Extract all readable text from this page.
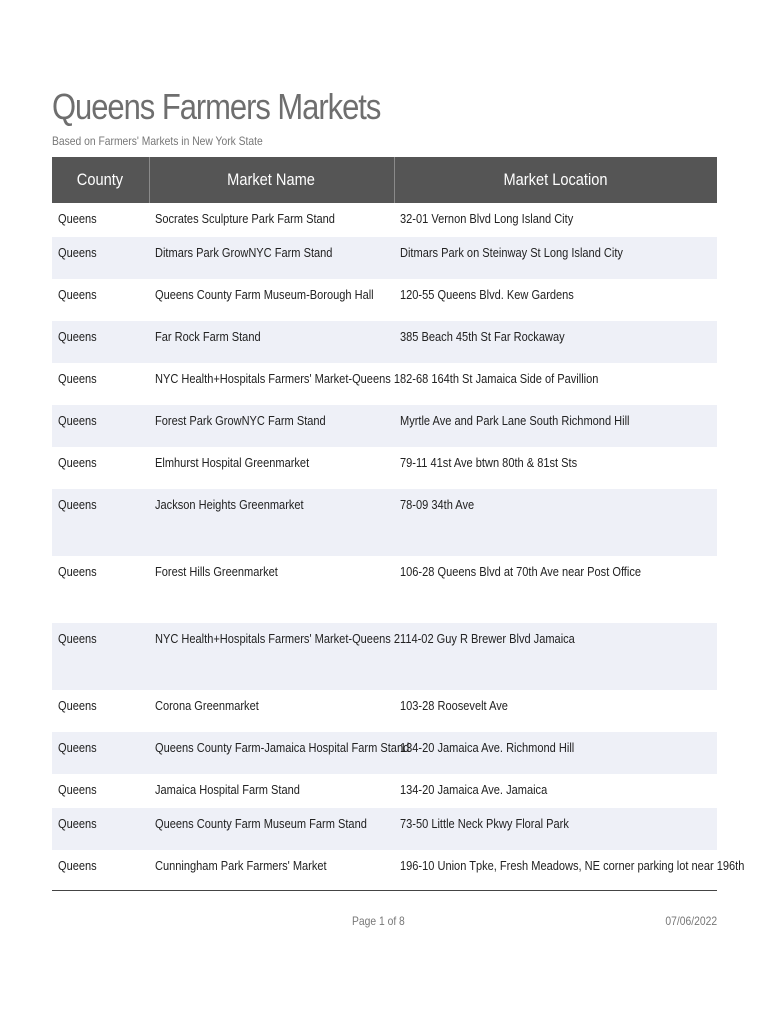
Queens Farmers Markets
Based on Farmers' Markets in New York State
County	Market Name	Market Location
Queens	Socrates Sculpture Park Farm Stand	32-01 Vernon Blvd Long Island City
Queens	Ditmars Park GrowNYC Farm Stand	Ditmars Park on Steinway St Long Island City
Queens	Queens County Farm Museum-Borough Hall	120-55 Queens Blvd. Kew Gardens
Queens	Far Rock Farm Stand	385 Beach 45th St Far Rockaway
Queens	NYC Health+Hospitals Farmers' Market-Queens 1	82-68 164th St Jamaica Side of Pavillion
Queens	Forest Park GrowNYC Farm Stand	Myrtle Ave and Park Lane South Richmond Hill
Queens	Elmhurst Hospital Greenmarket	79-11 41st Ave btwn 80th & 81st Sts
Queens	Jackson Heights Greenmarket	78-09 34th Ave
Queens	Forest Hills Greenmarket	106-28 Queens Blvd at 70th Ave near Post Office
Queens	NYC Health+Hospitals Farmers' Market-Queens 2	114-02 Guy R Brewer Blvd Jamaica
Queens	Corona Greenmarket	103-28 Roosevelt Ave
Queens	Queens County Farm-Jamaica Hospital Farm Stand	134-20 Jamaica Ave. Richmond Hill
Queens	Jamaica Hospital Farm Stand	134-20 Jamaica Ave. Jamaica
Queens	Queens County Farm Museum Farm Stand	73-50 Little Neck Pkwy Floral Park
Queens	Cunningham Park Farmers' Market	196-10 Union Tpke, Fresh Meadows, NE corner parking lot near 196th
Page 1 of 8	07/06/2022
